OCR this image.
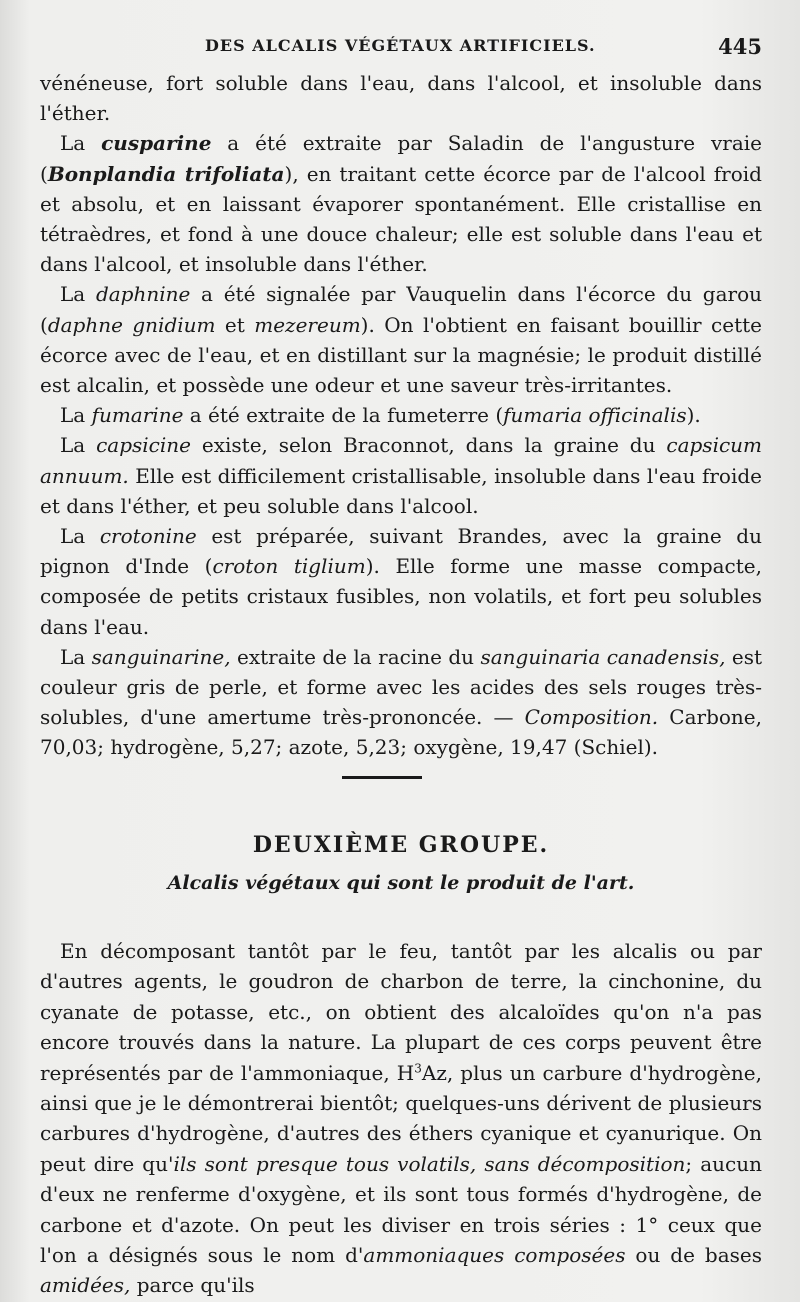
DES ALCALIS VÉGÉTAUX ARTIFICIELS.	445

vénéneuse, fort soluble dans l'eau, dans l'alcool, et insoluble dans l'éther.

La cusparine a été extraite par Saladin de l'angusture vraie (Bonplandia trifoliata), en traitant cette écorce par de l'alcool froid et absolu, et en laissant évaporer spontanément. Elle cristallise en tétraèdres, et fond à une douce chaleur; elle est soluble dans l'eau et dans l'alcool, et insoluble dans l'éther.

La daphnine a été signalée par Vauquelin dans l'écorce du garou (daphne gnidium et mezereum). On l'obtient en faisant bouillir cette écorce avec de l'eau, et en distillant sur la magnésie; le produit distillé est alcalin, et possède une odeur et une saveur très-irritantes.

La fumarine a été extraite de la fumeterre (fumaria officinalis).

La capsicine existe, selon Braconnot, dans la graine du capsicum annuum. Elle est difficilement cristallisable, insoluble dans l'eau froide et dans l'éther, et peu soluble dans l'alcool.

La crotonine est préparée, suivant Brandes, avec la graine du pignon d'Inde (croton tiglium). Elle forme une masse compacte, composée de petits cristaux fusibles, non volatils, et fort peu solubles dans l'eau.

La sanguinarine, extraite de la racine du sanguinaria canadensis, est couleur gris de perle, et forme avec les acides des sels rouges très-solubles, d'une amertume très-prononcée. — Composition. Carbone, 70,03; hydrogène, 5,27; azote, 5,23; oxygène, 19,47 (Schiel).

DEUXIÈME GROUPE.
Alcalis végétaux qui sont le produit de l'art.

En décomposant tantôt par le feu, tantôt par les alcalis ou par d'autres agents, le goudron de charbon de terre, la cinchonine, du cyanate de potasse, etc., on obtient des alcaloïdes qu'on n'a pas encore trouvés dans la nature. La plupart de ces corps peuvent être représentés par de l'ammoniaque, $H^3Az$, plus un carbure d'hydrogène, ainsi que je le démontrerai bientôt; quelques-uns dérivent de plusieurs carbures d'hydrogène, d'autres des éthers cyanique et cyanurique. On peut dire qu'ils sont presque tous volatils, sans décomposition; aucun d'eux ne renferme d'oxygène, et ils sont tous formés d'hydrogène, de carbone et d'azote. On peut les diviser en trois séries : 1° ceux que l'on a désignés sous le nom d'ammoniaques composées ou de bases amidées, parce qu'ils
